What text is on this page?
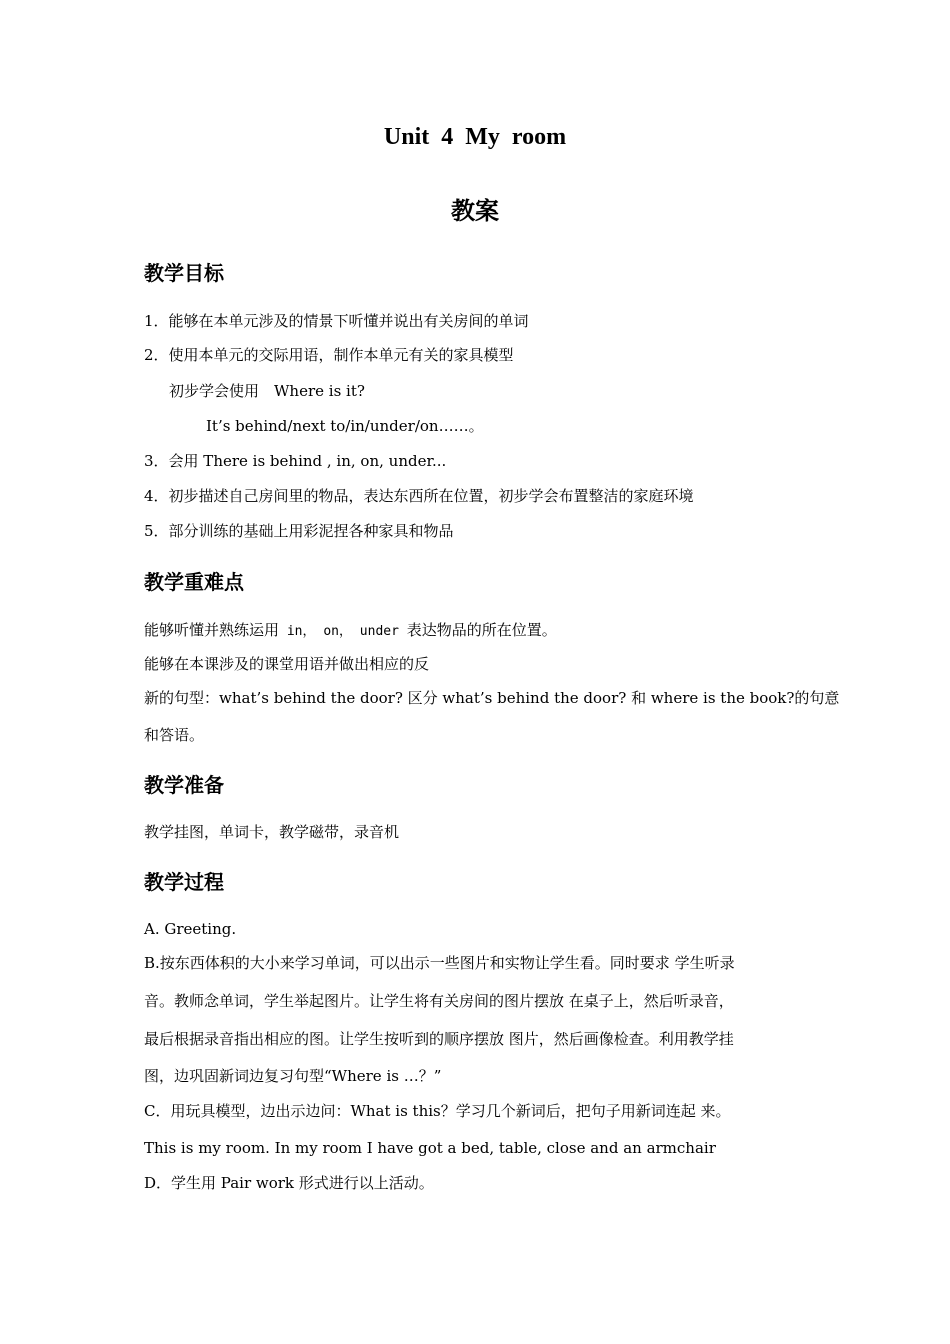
Unit 4 My room
教案
教学目标
1．能够在本单元涉及的情景下听懂并说出有关房间的单词
2．使用本单元的交际用语，制作本单元有关的家具模型
初步学会使用　Where is it?
It’s behind/next to/in/under/on……。
3．会用 There is behind , in, on, under...
4．初步描述自己房间里的物品，表达东西所在位置，初步学会布置整洁的家庭环境
5．部分训练的基础上用彩泥捏各种家具和物品
教学重难点
能够听懂并熟练运用 in， on， under 表达物品的所在位置。
能够在本课涉及的课堂用语并做出相应的反
新的句型：what’s behind the door? 区分 what’s behind the door? 和 where is the book?的句意
和答语。
教学准备
教学挂图，单词卡，教学磁带，录音机
教学过程
A. Greeting.
B.按东西体积的大小来学习单词，可以出示一些图片和实物让学生看。同时要求 学生听录
音。教师念单词，学生举起图片。让学生将有关房间的图片摆放 在桌子上，然后听录音，
最后根据录音指出相应的图。让学生按听到的顺序摆放 图片，然后画像检查。利用教学挂
图，边巩固新词边复习句型“Where is …？”
C．用玩具模型，边出示边问：What is this？学习几个新词后，把句子用新词连起 来。
This is my room. In my room I have got a bed, table, close and an armchair
D．学生用 Pair work 形式进行以上活动。
